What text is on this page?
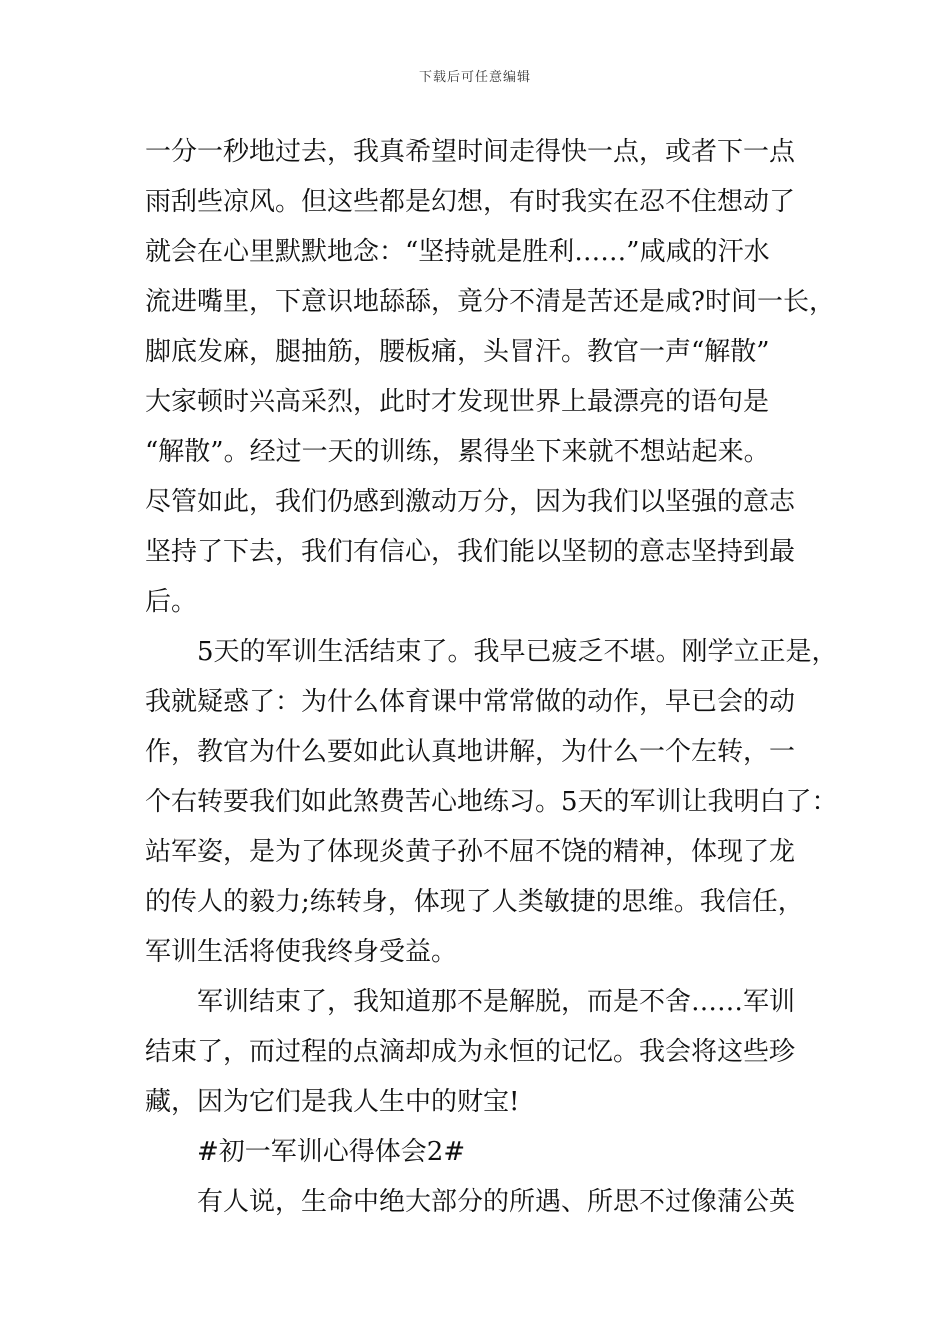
下载后可任意编辑
一分一秒地过去，我真希望时间走得快一点，或者下一点
雨刮些凉风。但这些都是幻想，有时我实在忍不住想动了
就会在心里默默地念：“坚持就是胜利……”咸咸的汗水
流进嘴里，下意识地舔舔，竟分不清是苦还是咸?时间一长，
脚底发麻，腿抽筋，腰板痛，头冒汗。教官一声“解散”
大家顿时兴高采烈，此时才发现世界上最漂亮的语句是
“解散”。经过一天的训练，累得坐下来就不想站起来。
尽管如此，我们仍感到激动万分，因为我们以坚强的意志
坚持了下去，我们有信心，我们能以坚韧的意志坚持到最
后。
　　5天的军训生活结束了。我早已疲乏不堪。刚学立正是，
我就疑惑了：为什么体育课中常常做的动作，早已会的动
作，教官为什么要如此认真地讲解，为什么一个左转，一
个右转要我们如此煞费苦心地练习。5天的军训让我明白了：
站军姿，是为了体现炎黄子孙不屈不饶的精神，体现了龙
的传人的毅力;练转身，体现了人类敏捷的思维。我信任，
军训生活将使我终身受益。
　　军训结束了，我知道那不是解脱，而是不舍……军训
结束了，而过程的点滴却成为永恒的记忆。我会将这些珍
藏，因为它们是我人生中的财宝!
　　#初一军训心得体会2#
　　有人说，生命中绝大部分的所遇、所思不过像蒲公英
